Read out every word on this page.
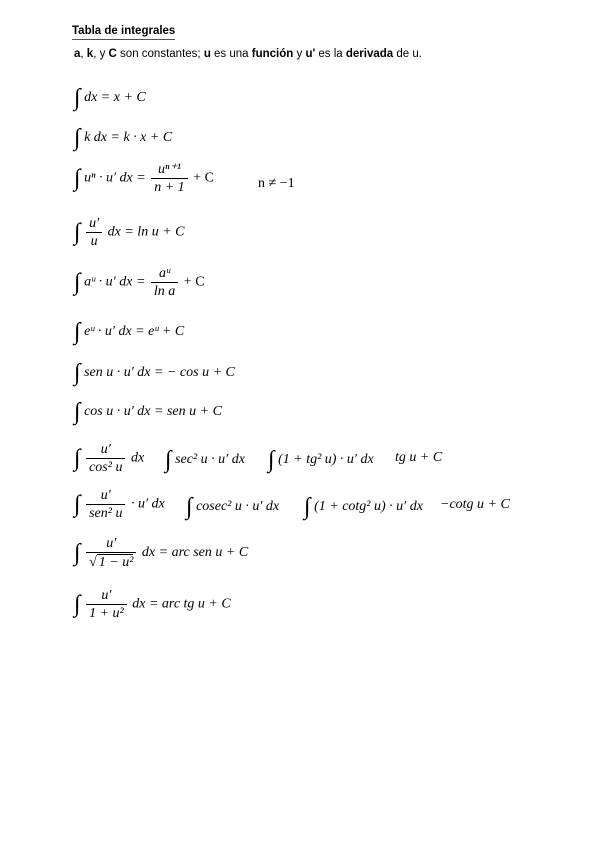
Tabla de integrales
a, k, y C son constantes; u es una función y u' es la derivada de u.
∫ dx = x + C
∫ k dx = k · x + C
∫ uⁿ · u′ dx = $\frac{\text{uⁿ⁺¹}}{n + 1} + C$	n ≠ −1
∫ $\frac{u'}{u}$ dx = ln u + C
∫ aᵘ · u′ dx = $\frac{\text{aᵘ}}{\text{ln a}} + C$
∫ eᵘ · u′ dx = eᵘ + C
∫ sen u · u′ dx = − cos u + C
∫ cos u · u′ dx = sen u + C
∫ $\frac{u'}{\text{cos² u}}$ dx ∫ sec² u · u′ dx ∫ (1 + tg² u) · u′ dx tg u + C
∫ $\frac{u'}{\text{sen² u}} \cdot u'$ dx ∫ cosec² u · u′ dx ∫ (1 + cotg² u) · u′ dx −cotg u + C
∫ $\frac{u'}{\text{√ 1 − u²}}$ dx = arc sen u + C
∫ $\frac{u'}{\text{1 + u²}}$ dx = arc tg u + C
